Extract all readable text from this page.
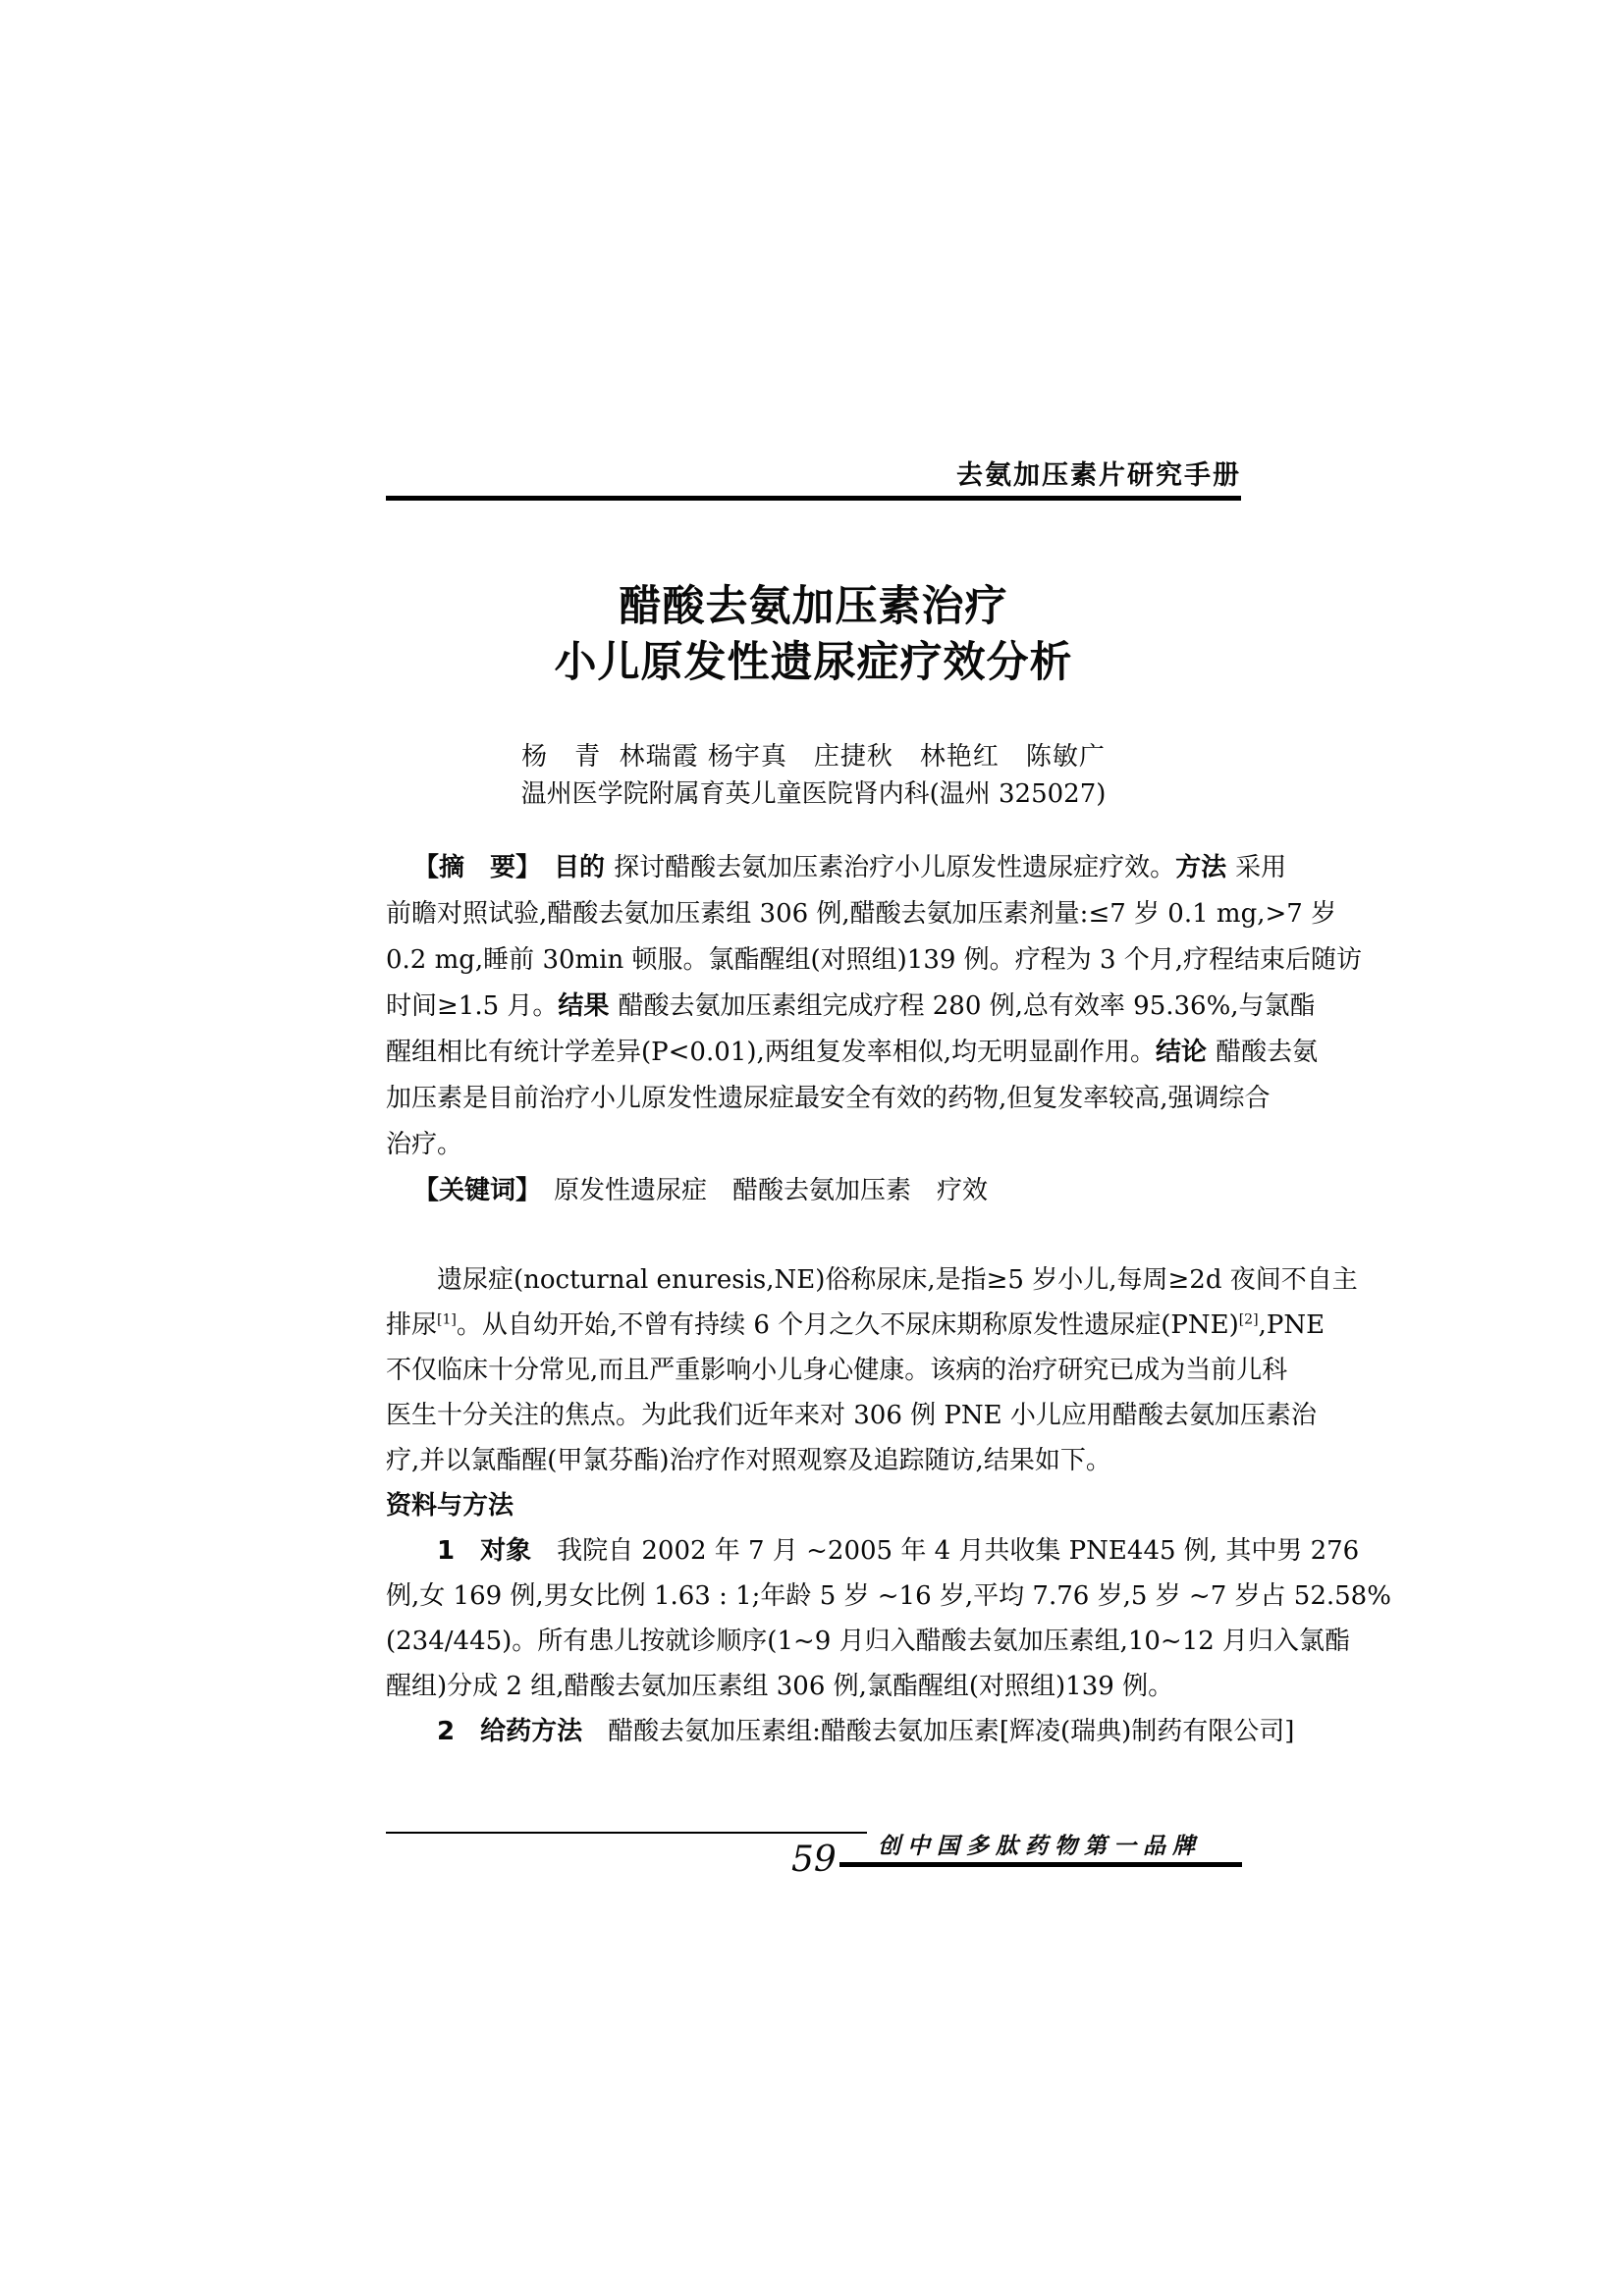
去氨加压素片研究手册
醋酸去氨加压素治疗
小儿原发性遗尿症疗效分析
杨　青  林瑞霞 杨宇真　庄捷秋　林艳红　陈敏广
温州医学院附属育英儿童医院肾内科(温州 325027)
【摘　要】　目的 探讨醋酸去氨加压素治疗小儿原发性遗尿症疗效。方法 采用
前瞻对照试验,醋酸去氨加压素组 306 例,醋酸去氨加压素剂量:≤7 岁 0.1 mg,>7 岁
0.2 mg,睡前 30min 顿服。氯酯醒组(对照组)139 例。疗程为 3 个月,疗程结束后随访
时间≥1.5 月。结果 醋酸去氨加压素组完成疗程 280 例,总有效率 95.36%,与氯酯
醒组相比有统计学差异(P<0.01),两组复发率相似,均无明显副作用。结论 醋酸去氨
加压素是目前治疗小儿原发性遗尿症最安全有效的药物,但复发率较高,强调综合
治疗。
【关键词】　原发性遗尿症　醋酸去氨加压素　疗效
遗尿症(nocturnal enuresis,NE)俗称尿床,是指≥5 岁小儿,每周≥2d 夜间不自主
排尿[1]。从自幼开始,不曾有持续 6 个月之久不尿床期称原发性遗尿症(PNE)[2],PNE
不仅临床十分常见,而且严重影响小儿身心健康。该病的治疗研究已成为当前儿科
医生十分关注的焦点。为此我们近年来对 306 例 PNE 小儿应用醋酸去氨加压素治
疗,并以氯酯醒(甲氯芬酯)治疗作对照观察及追踪随访,结果如下。
资料与方法
1　对象　我院自 2002 年 7 月 ~2005 年 4 月共收集 PNE445 例, 其中男 276
例,女 169 例,男女比例 1.63 : 1;年龄 5 岁 ~16 岁,平均 7.76 岁,5 岁 ~7 岁占 52.58%
(234/445)。所有患儿按就诊顺序(1~9 月归入醋酸去氨加压素组,10~12 月归入氯酯
醒组)分成 2 组,醋酸去氨加压素组 306 例,氯酯醒组(对照组)139 例。
2　给药方法　醋酸去氨加压素组:醋酸去氨加压素[辉凌(瑞典)制药有限公司]
59 创中国多肽药物第一品牌
